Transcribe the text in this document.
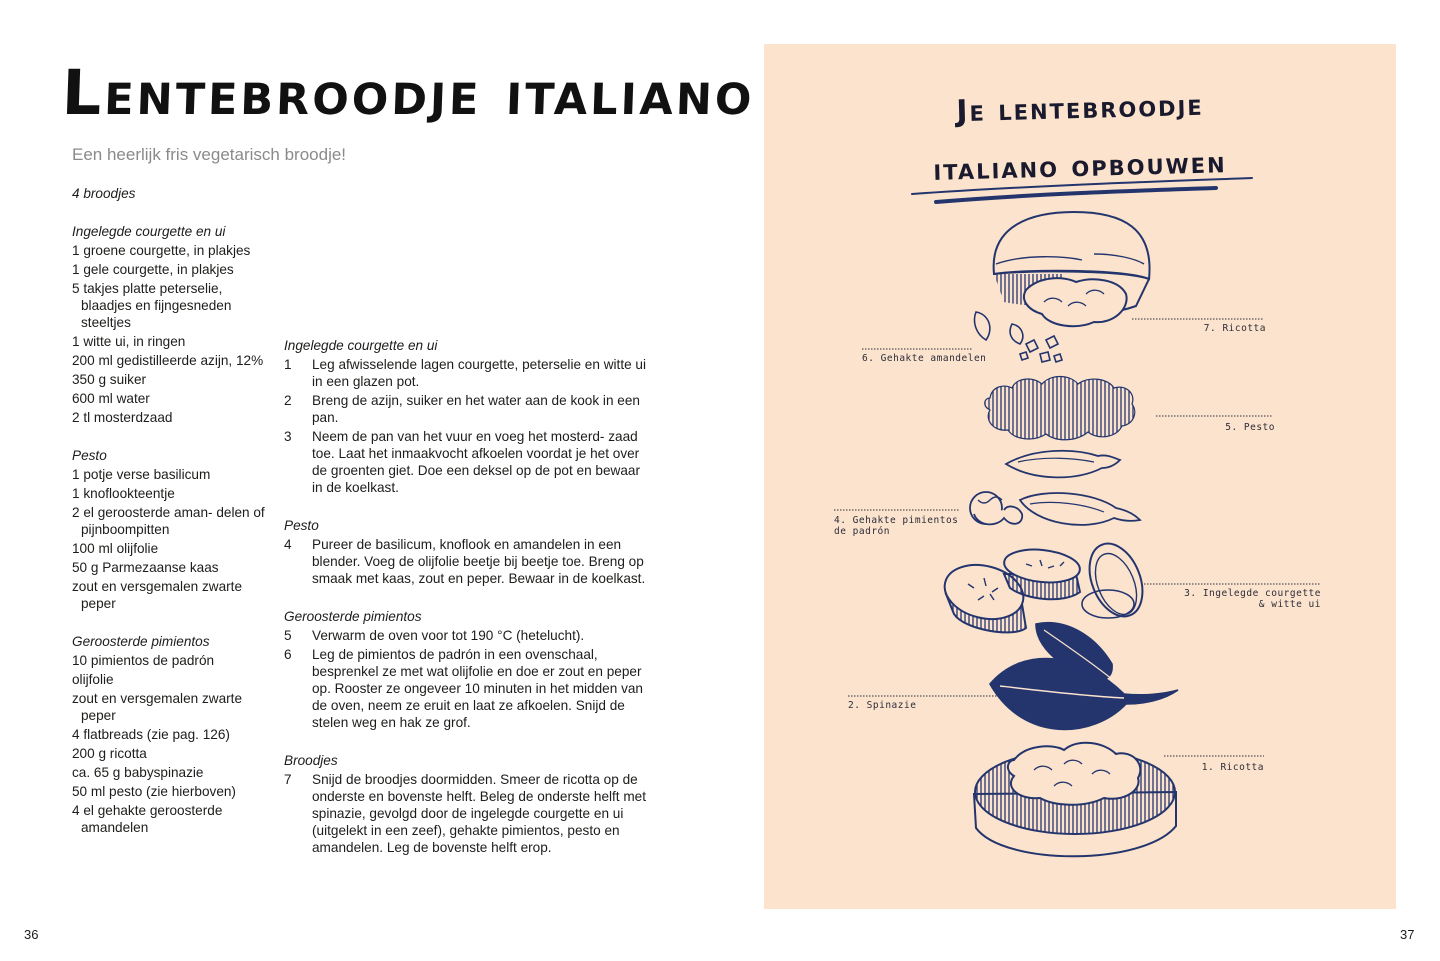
Lentebroodje italiano

Een heerlijk fris vegetarisch broodje!

4 broodjes

Ingelegde courgette en ui

1 groene courgette, in plakjes
1 gele courgette, in plakjes
5 takjes platte peterselie, blaadjes en fijngesneden steeltjes
1 witte ui, in ringen
200 ml gedistilleerde azijn, 12%
350 g suiker
600 ml water
2 tl mosterdzaad

Pesto

1 potje verse basilicum
1 knoflookteentje
2 el geroosterde aman- delen of pijnboompitten
100 ml olijfolie
50 g Parmezaanse kaas
zout en versgemalen zwarte peper

Geroosterde pimientos

10 pimientos de padrón
olijfolie
zout en versgemalen zwarte peper
4 flatbreads (zie pag. 126)
200 g ricotta
ca. 65 g babyspinazie
50 ml pesto (zie hierboven)
4 el gehakte geroosterde amandelen

Ingelegde courgette en ui

1	Leg afwisselende lagen courgette, peterselie en witte ui in een glazen pot.
2	Breng de azijn, suiker en het water aan de kook in een pan.
3	Neem de pan van het vuur en voeg het mosterd- zaad toe. Laat het inmaakvocht afkoelen voordat je het over de groenten giet. Doe een deksel op de pot en bewaar in de koelkast.

Pesto

4	Pureer de basilicum, knoflook en amandelen in een blender. Voeg de olijfolie beetje bij beetje toe. Breng op smaak met kaas, zout en peper. Bewaar in de koelkast.

Geroosterde pimientos

5	Verwarm de oven voor tot 190 °C (hetelucht).
6	Leg de pimientos de padrón in een ovenschaal, besprenkel ze met wat olijfolie en doe er zout en peper op. Rooster ze ongeveer 10 minuten in het midden van de oven, neem ze eruit en laat ze afkoelen. Snijd de stelen weg en hak ze grof.

Broodjes

7	Snijd de broodjes doormidden. Smeer de ricotta op de onderste en bovenste helft. Beleg de onderste helft met spinazie, gevolgd door de ingelegde courgette en ui (uitgelekt in een zeef), gehakte pimientos, pesto en amandelen. Leg de bovenste helft erop.
36	37
Je lentebroodje
italiano opbouwen
7. Ricotta
6. Gehakte amandelen
5. Pesto
4. Gehakte pimientos
de padrón
3. Ingelegde courgette
& witte ui
2. Spinazie
1. Ricotta
